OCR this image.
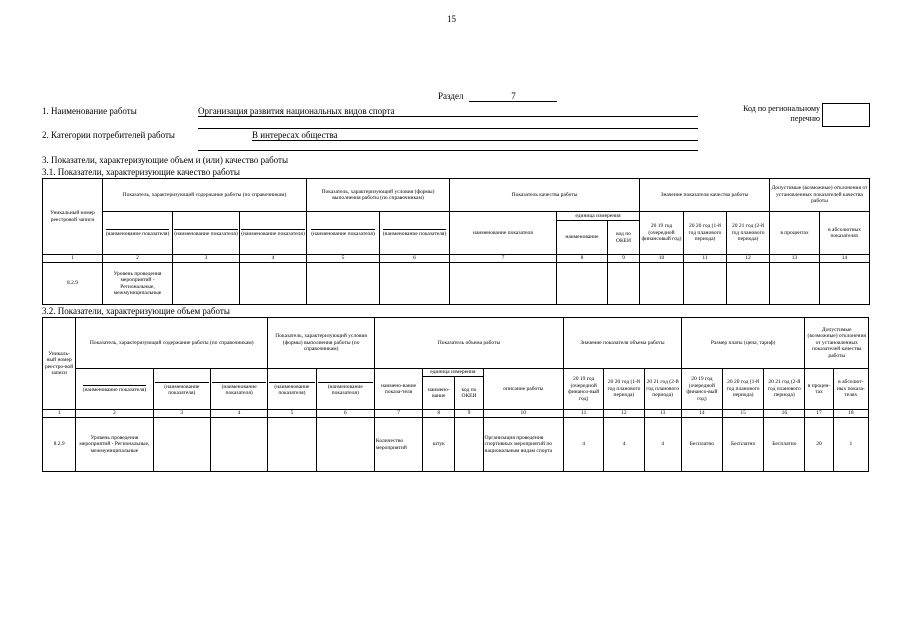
15
Раздел	7
1. Наименование работы	Организация развития национальных видов спорта	Код по региональному перечню
2. Категории потребителей работы	В интересах общества
3. Показатели, характеризующие объем и (или) качество работы
3.1. Показатели, характеризующие качество работы
Уникальный номер реестровой записи	Показатель, характеризующий содержание работы (по справочникам)			Показатель, характеризующий условия (формы) выполнения работы (по справочникам)		Показатель качества работы			Значение показателя качества работы			Допустимые (возможные) отклонения от установленных показателей качества работы	
	(наименование показателя)	(наименование показателя)	(наименование показателя)	(наименование показателя)	(наименование показателя)	наименование показателя	единица измерения		20 19 год (очередной финансовый год)	20 20 год (1-й год планового периода)	20 21 год (2-й год планового периода)	в процентах	в абсолютных показателях
							наименование	код по ОКЕИ					
1	2	3	4	5	6	7	8	9	10	11	12	13	14
8.2.9	Уровень проведения мероприятий - Региональные, межмуниципальные												
3.2. Показатели, характеризующие объем работы
Уникаль-ный номер реестро-вой записи	Показатель, характеризующий содержание работы (по справочникам)			Показатель, характеризующий условия (формы) выполнения работы (по справочникам)		Показатель объема работы				Значение показателя объема работы			Размер платы (цена, тариф)			Допустимые (возможные) отклонения от установленных показателей качества работы	
	(наименование показателя)	(наименование показателя)	(наименование показателя)	(наименование показателя)	(наименование показателя)	наимено-вание показа-теля	единица измерения		описание работы	20 19 год (очередной финансо-вый год)	20 20 год (1-й год планового периода)	20 21 год (2-й год планового периода)	20 19 год (очередной финансо-вый год)	20 20 год (1-й год планового периода)	20 21 год (2-й год планового периода)	в процен-тах	в абсолют-ных показа-телях
							наимено-вание	код по ОКЕИ									
1	2	3	4	5	6	7	8	9	10	11	12	13	14	15	16	17	18
8.2.9	Уровень проведения мероприятий - Региональные, межмуниципальные					Количество мероприятий	штук		Организация проведения спортивных мероприятий по национальным видам спорта	4	4	4	Бесплатно	Бесплатно	Бесплатно	20	1
